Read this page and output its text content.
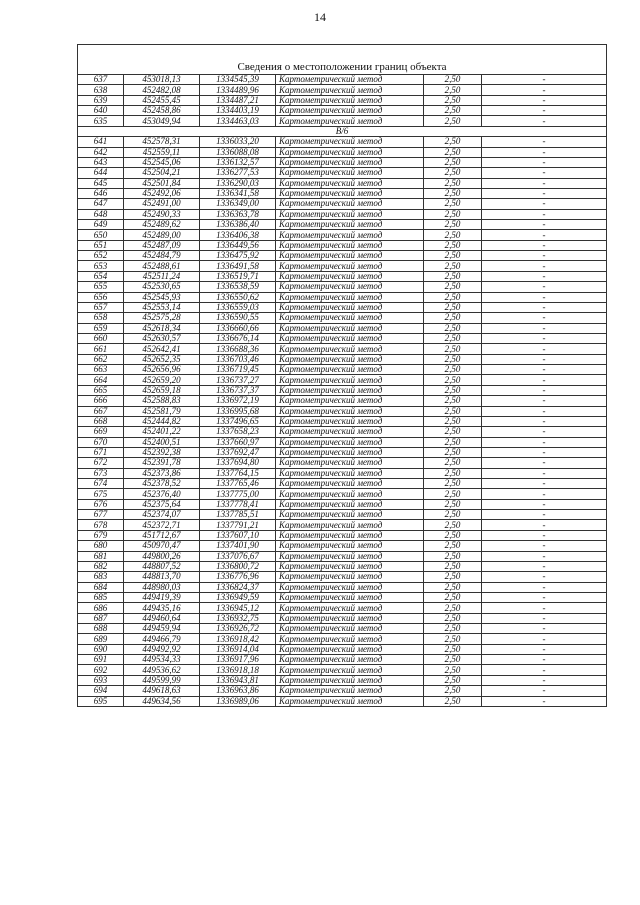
14
Сведения о местоположении границ объекта					
637	453018,13	1334545,39	Картометрический метод	2,50	-
638	452482,08	1334489,96	Картометрический метод	2,50	-
639	452455,45	1334487,21	Картометрический метод	2,50	-
640	452458,86	1334403,19	Картометрический метод	2,50	-
635	453049,94	1334463,03	Картометрический метод	2,50	-
В/6					
641	452578,31	1336033,20	Картометрический метод	2,50	-
642	452559,11	1336088,08	Картометрический метод	2,50	-
643	452545,06	1336132,57	Картометрический метод	2,50	-
644	452504,21	1336277,53	Картометрический метод	2,50	-
645	452501,84	1336290,03	Картометрический метод	2,50	-
646	452492,06	1336341,58	Картометрический метод	2,50	-
647	452491,00	1336349,00	Картометрический метод	2,50	-
648	452490,33	1336363,78	Картометрический метод	2,50	-
649	452489,62	1336386,40	Картометрический метод	2,50	-
650	452489,00	1336406,38	Картометрический метод	2,50	-
651	452487,09	1336449,56	Картометрический метод	2,50	-
652	452484,79	1336475,92	Картометрический метод	2,50	-
653	452488,61	1336491,58	Картометрический метод	2,50	-
654	452511,24	1336519,71	Картометрический метод	2,50	-
655	452530,65	1336538,59	Картометрический метод	2,50	-
656	452545,93	1336550,62	Картометрический метод	2,50	-
657	452553,14	1336559,03	Картометрический метод	2,50	-
658	452575,28	1336590,55	Картометрический метод	2,50	-
659	452618,34	1336660,66	Картометрический метод	2,50	-
660	452630,57	1336676,14	Картометрический метод	2,50	-
661	452642,41	1336688,36	Картометрический метод	2,50	-
662	452652,35	1336703,46	Картометрический метод	2,50	-
663	452656,96	1336719,45	Картометрический метод	2,50	-
664	452659,20	1336737,27	Картометрический метод	2,50	-
665	452659,18	1336737,37	Картометрический метод	2,50	-
666	452588,83	1336972,19	Картометрический метод	2,50	-
667	452581,79	1336995,68	Картометрический метод	2,50	-
668	452444,82	1337496,65	Картометрический метод	2,50	-
669	452401,22	1337658,23	Картометрический метод	2,50	-
670	452400,51	1337660,97	Картометрический метод	2,50	-
671	452392,38	1337692,47	Картометрический метод	2,50	-
672	452391,78	1337694,80	Картометрический метод	2,50	-
673	452373,86	1337764,15	Картометрический метод	2,50	-
674	452378,52	1337765,46	Картометрический метод	2,50	-
675	452376,40	1337775,00	Картометрический метод	2,50	-
676	452375,64	1337778,41	Картометрический метод	2,50	-
677	452374,07	1337785,51	Картометрический метод	2,50	-
678	452372,71	1337791,21	Картометрический метод	2,50	-
679	451712,67	1337607,10	Картометрический метод	2,50	-
680	450970,47	1337401,90	Картометрический метод	2,50	-
681	449800,26	1337076,67	Картометрический метод	2,50	-
682	448807,52	1336800,72	Картометрический метод	2,50	-
683	448813,70	1336776,96	Картометрический метод	2,50	-
684	448980,03	1336824,37	Картометрический метод	2,50	-
685	449419,39	1336949,59	Картометрический метод	2,50	-
686	449435,16	1336945,12	Картометрический метод	2,50	-
687	449460,64	1336932,75	Картометрический метод	2,50	-
688	449459,94	1336926,72	Картометрический метод	2,50	-
689	449466,79	1336918,42	Картометрический метод	2,50	-
690	449492,92	1336914,04	Картометрический метод	2,50	-
691	449534,33	1336917,96	Картометрический метод	2,50	-
692	449536,62	1336918,18	Картометрический метод	2,50	-
693	449599,99	1336943,81	Картометрический метод	2,50	-
694	449618,63	1336963,86	Картометрический метод	2,50	-
695	449634,56	1336989,06	Картометрический метод	2,50	-
